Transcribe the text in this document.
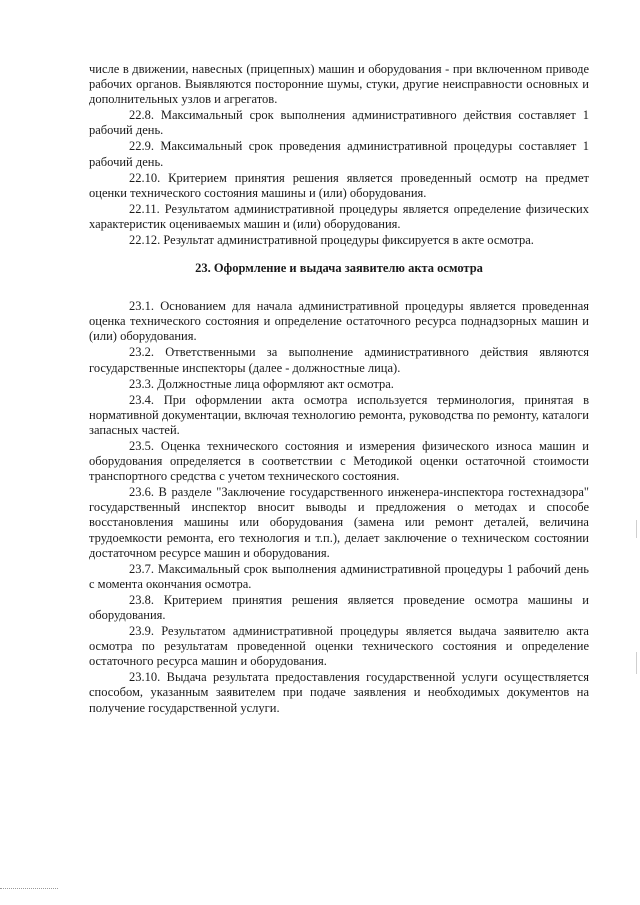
числе в движении, навесных (прицепных) машин и оборудования - при включенном приводе рабочих органов. Выявляются посторонние шумы, стуки, другие неисправности основных и дополнительных узлов и агрегатов.

22.8. Максимальный срок выполнения административного действия составляет 1 рабочий день.

22.9. Максимальный срок проведения административной процедуры составляет 1 рабочий день.

22.10. Критерием принятия решения является проведенный осмотр на предмет оценки технического состояния машины и (или) оборудования.

22.11. Результатом административной процедуры является определение физических характеристик оцениваемых машин и (или) оборудования.

22.12. Результат административной процедуры фиксируется в акте осмотра.

23. Оформление и выдача заявителю акта осмотра

23.1. Основанием для начала административной процедуры является проведенная оценка технического состояния и определение остаточного ресурса поднадзорных машин и (или) оборудования.

23.2. Ответственными за выполнение административного действия являются государственные инспекторы (далее - должностные лица).

23.3. Должностные лица оформляют акт осмотра.

23.4. При оформлении акта осмотра используется терминология, принятая в нормативной документации, включая технологию ремонта, руководства по ремонту, каталоги запасных частей.

23.5. Оценка технического состояния и измерения физического износа машин и оборудования определяется в соответствии с Методикой оценки остаточной стоимости транспортного средства с учетом технического состояния.

23.6. В разделе "Заключение государственного инженера-инспектора гостехнадзора" государственный инспектор вносит выводы и предложения о методах и способе восстановления машины или оборудования (замена или ремонт деталей, величина трудоемкости ремонта, его технология и т.п.), делает заключение о техническом состоянии достаточном ресурсе машин и оборудования.

23.7. Максимальный срок выполнения административной процедуры 1 рабочий день с момента окончания осмотра.

23.8. Критерием принятия решения является проведение осмотра машины и оборудования.

23.9. Результатом административной процедуры является выдача заявителю акта осмотра по результатам проведенной оценки технического состояния и определение остаточного ресурса машин и оборудования.

23.10. Выдача результата предоставления государственной услуги осуществляется способом, указанным заявителем при подаче заявления и необходимых документов на получение государственной услуги.
